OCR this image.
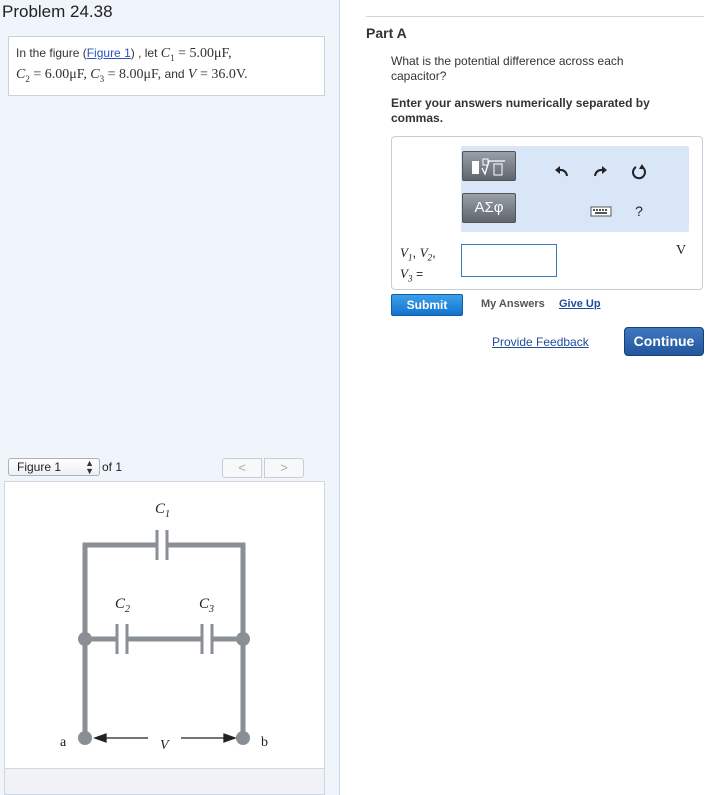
Problem 24.38
In the figure (Figure 1) , let $C_1 = 5.00\mu F$,
$C_2 = 6.00\mu F$, $C_3 = 8.00\mu F$, and V = 36.0V.
Figure 1	▲
▼ of 1	<	>
$C_1$
$C_2$	$C_3$
a	b
V
Part A
What is the potential difference across each capacitor?
Enter your answers numerically separated by commas.
ΑΣφ	?
$V_1$, $V_2$,
$V_3$ =
V
Submit	My Answers Give Up
Provide Feedback	Continue
